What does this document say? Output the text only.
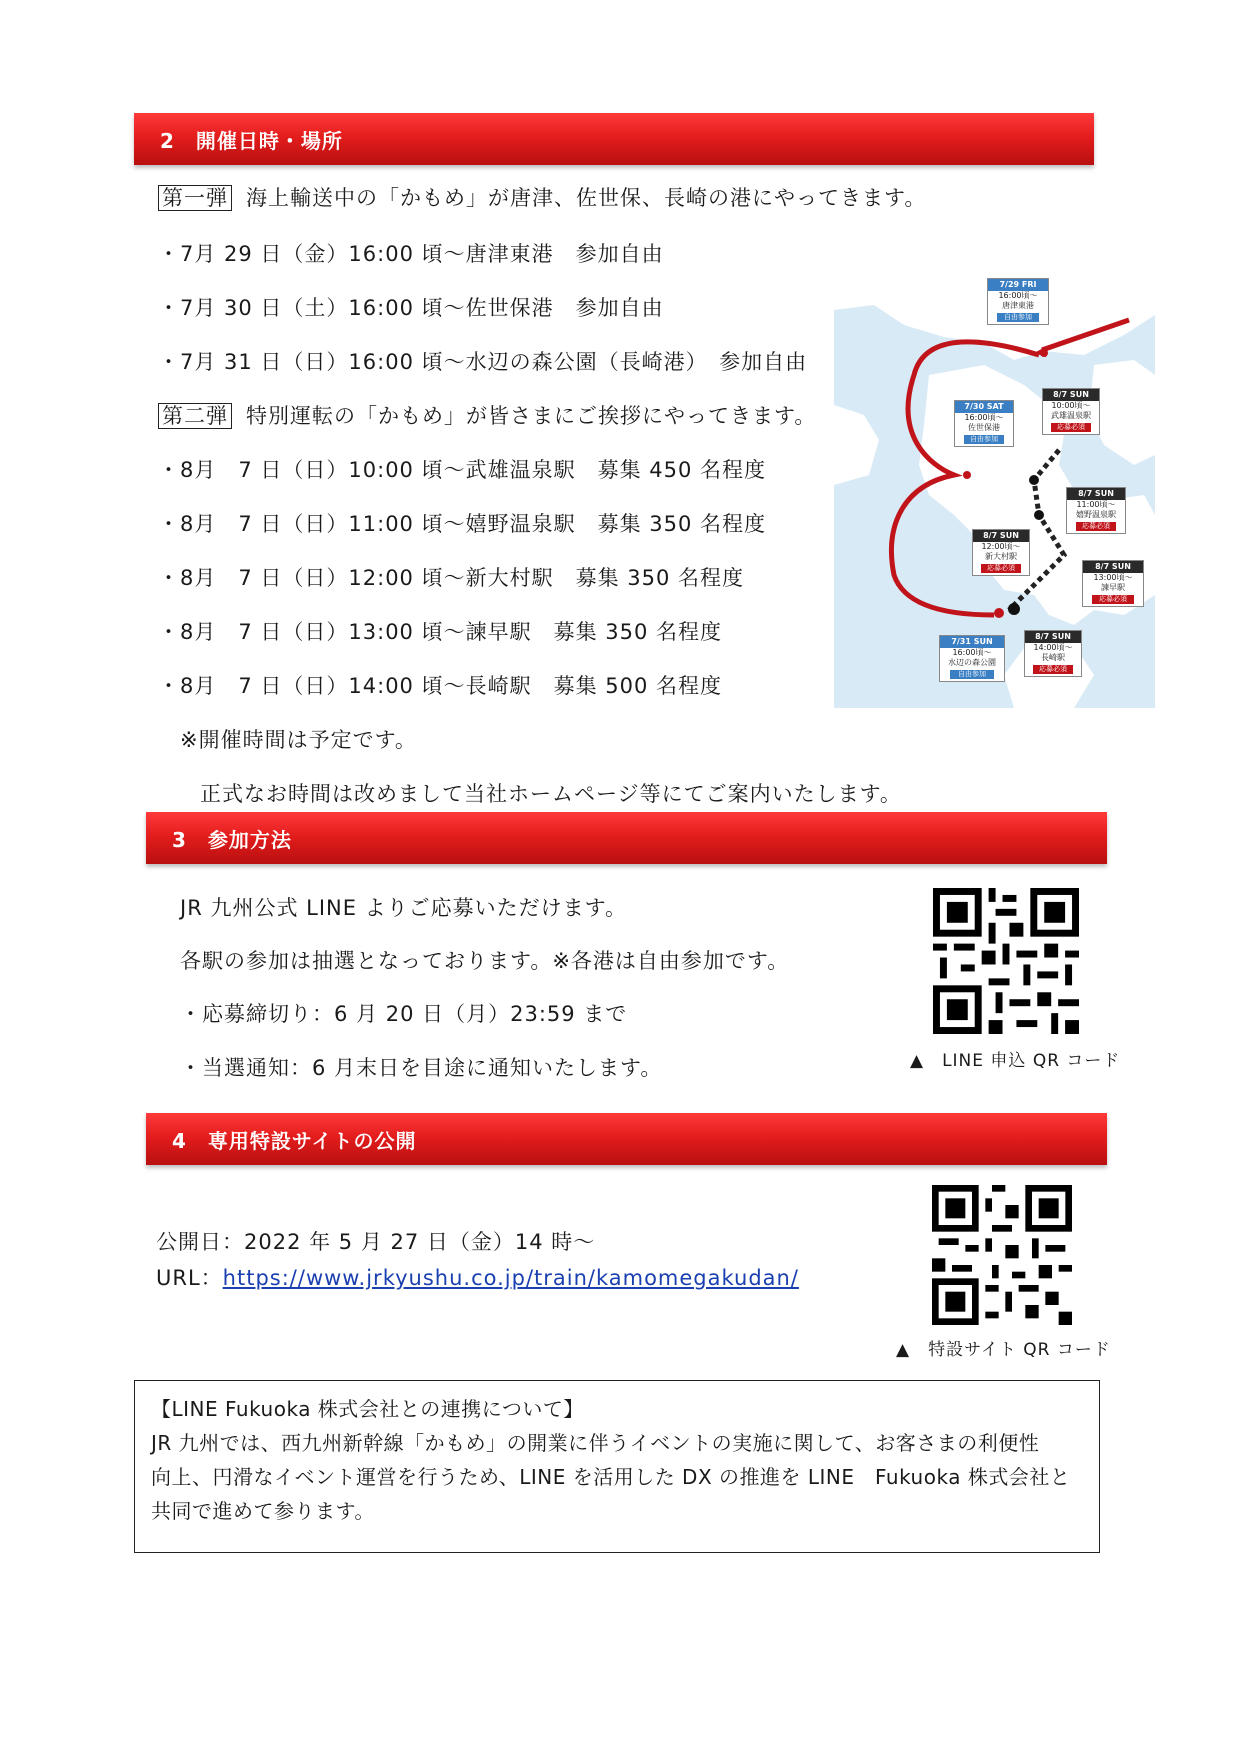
2　開催日時・場所
第一弾 海上輸送中の「かもめ」が唐津、佐世保、長崎の港にやってきます。
・7月 29 日（金）16:00 頃～唐津東港　参加自由
・7月 30 日（土）16:00 頃～佐世保港　参加自由
・7月 31 日（日）16:00 頃～水辺の森公園（長崎港）　参加自由
第二弾 特別運転の「かもめ」が皆さまにご挨拶にやってきます。
・8月　7 日（日）10:00 頃～武雄温泉駅　募集 450 名程度
・8月　7 日（日）11:00 頃～嬉野温泉駅　募集 350 名程度
・8月　7 日（日）12:00 頃～新大村駅　募集 350 名程度
・8月　7 日（日）13:00 頃～諫早駅　募集 350 名程度
・8月　7 日（日）14:00 頃～長崎駅　募集 500 名程度
※開催時間は予定です。
正式なお時間は改めまして当社ホームページ等にてご案内いたします。
7/29 FRI
16:00頃～
唐津東港
自由参加
7/30 SAT
16:00頃～
佐世保港
自由参加
8/7 SUN
10:00頃～
武雄温泉駅
応募必須
8/7 SUN
11:00頃～
嬉野温泉駅
応募必須
8/7 SUN
12:00頃～
新大村駅
応募必須	8/7 SUN
13:00頃～
諫早駅
応募必須
8/7 SUN
14:00頃～
長崎駅
応募必須
7/31 SUN
16:00頃～
水辺の森公園
自由参加
3　参加方法
JR 九州公式 LINE よりご応募いただけます。
各駅の参加は抽選となっております。※各港は自由参加です。
・応募締切り：6 月 20 日（月）23:59 まで
・当選通知：6 月末日を目途に通知いたします。	▲　LINE 申込 QR コード
4　専用特設サイトの公開
公開日：2022 年 5 月 27 日（金）14 時～
URL：https://www.jrkyushu.co.jp/train/kamomegakudan/
▲　特設サイト QR コード
【LINE Fukuoka 株式会社との連携について】
JR 九州では、西九州新幹線「かもめ」の開業に伴うイベントの実施に関して、お客さまの利便性
向上、円滑なイベント運営を行うため、LINE を活用した DX の推進を LINE　Fukuoka 株式会社と
共同で進めて参ります。
